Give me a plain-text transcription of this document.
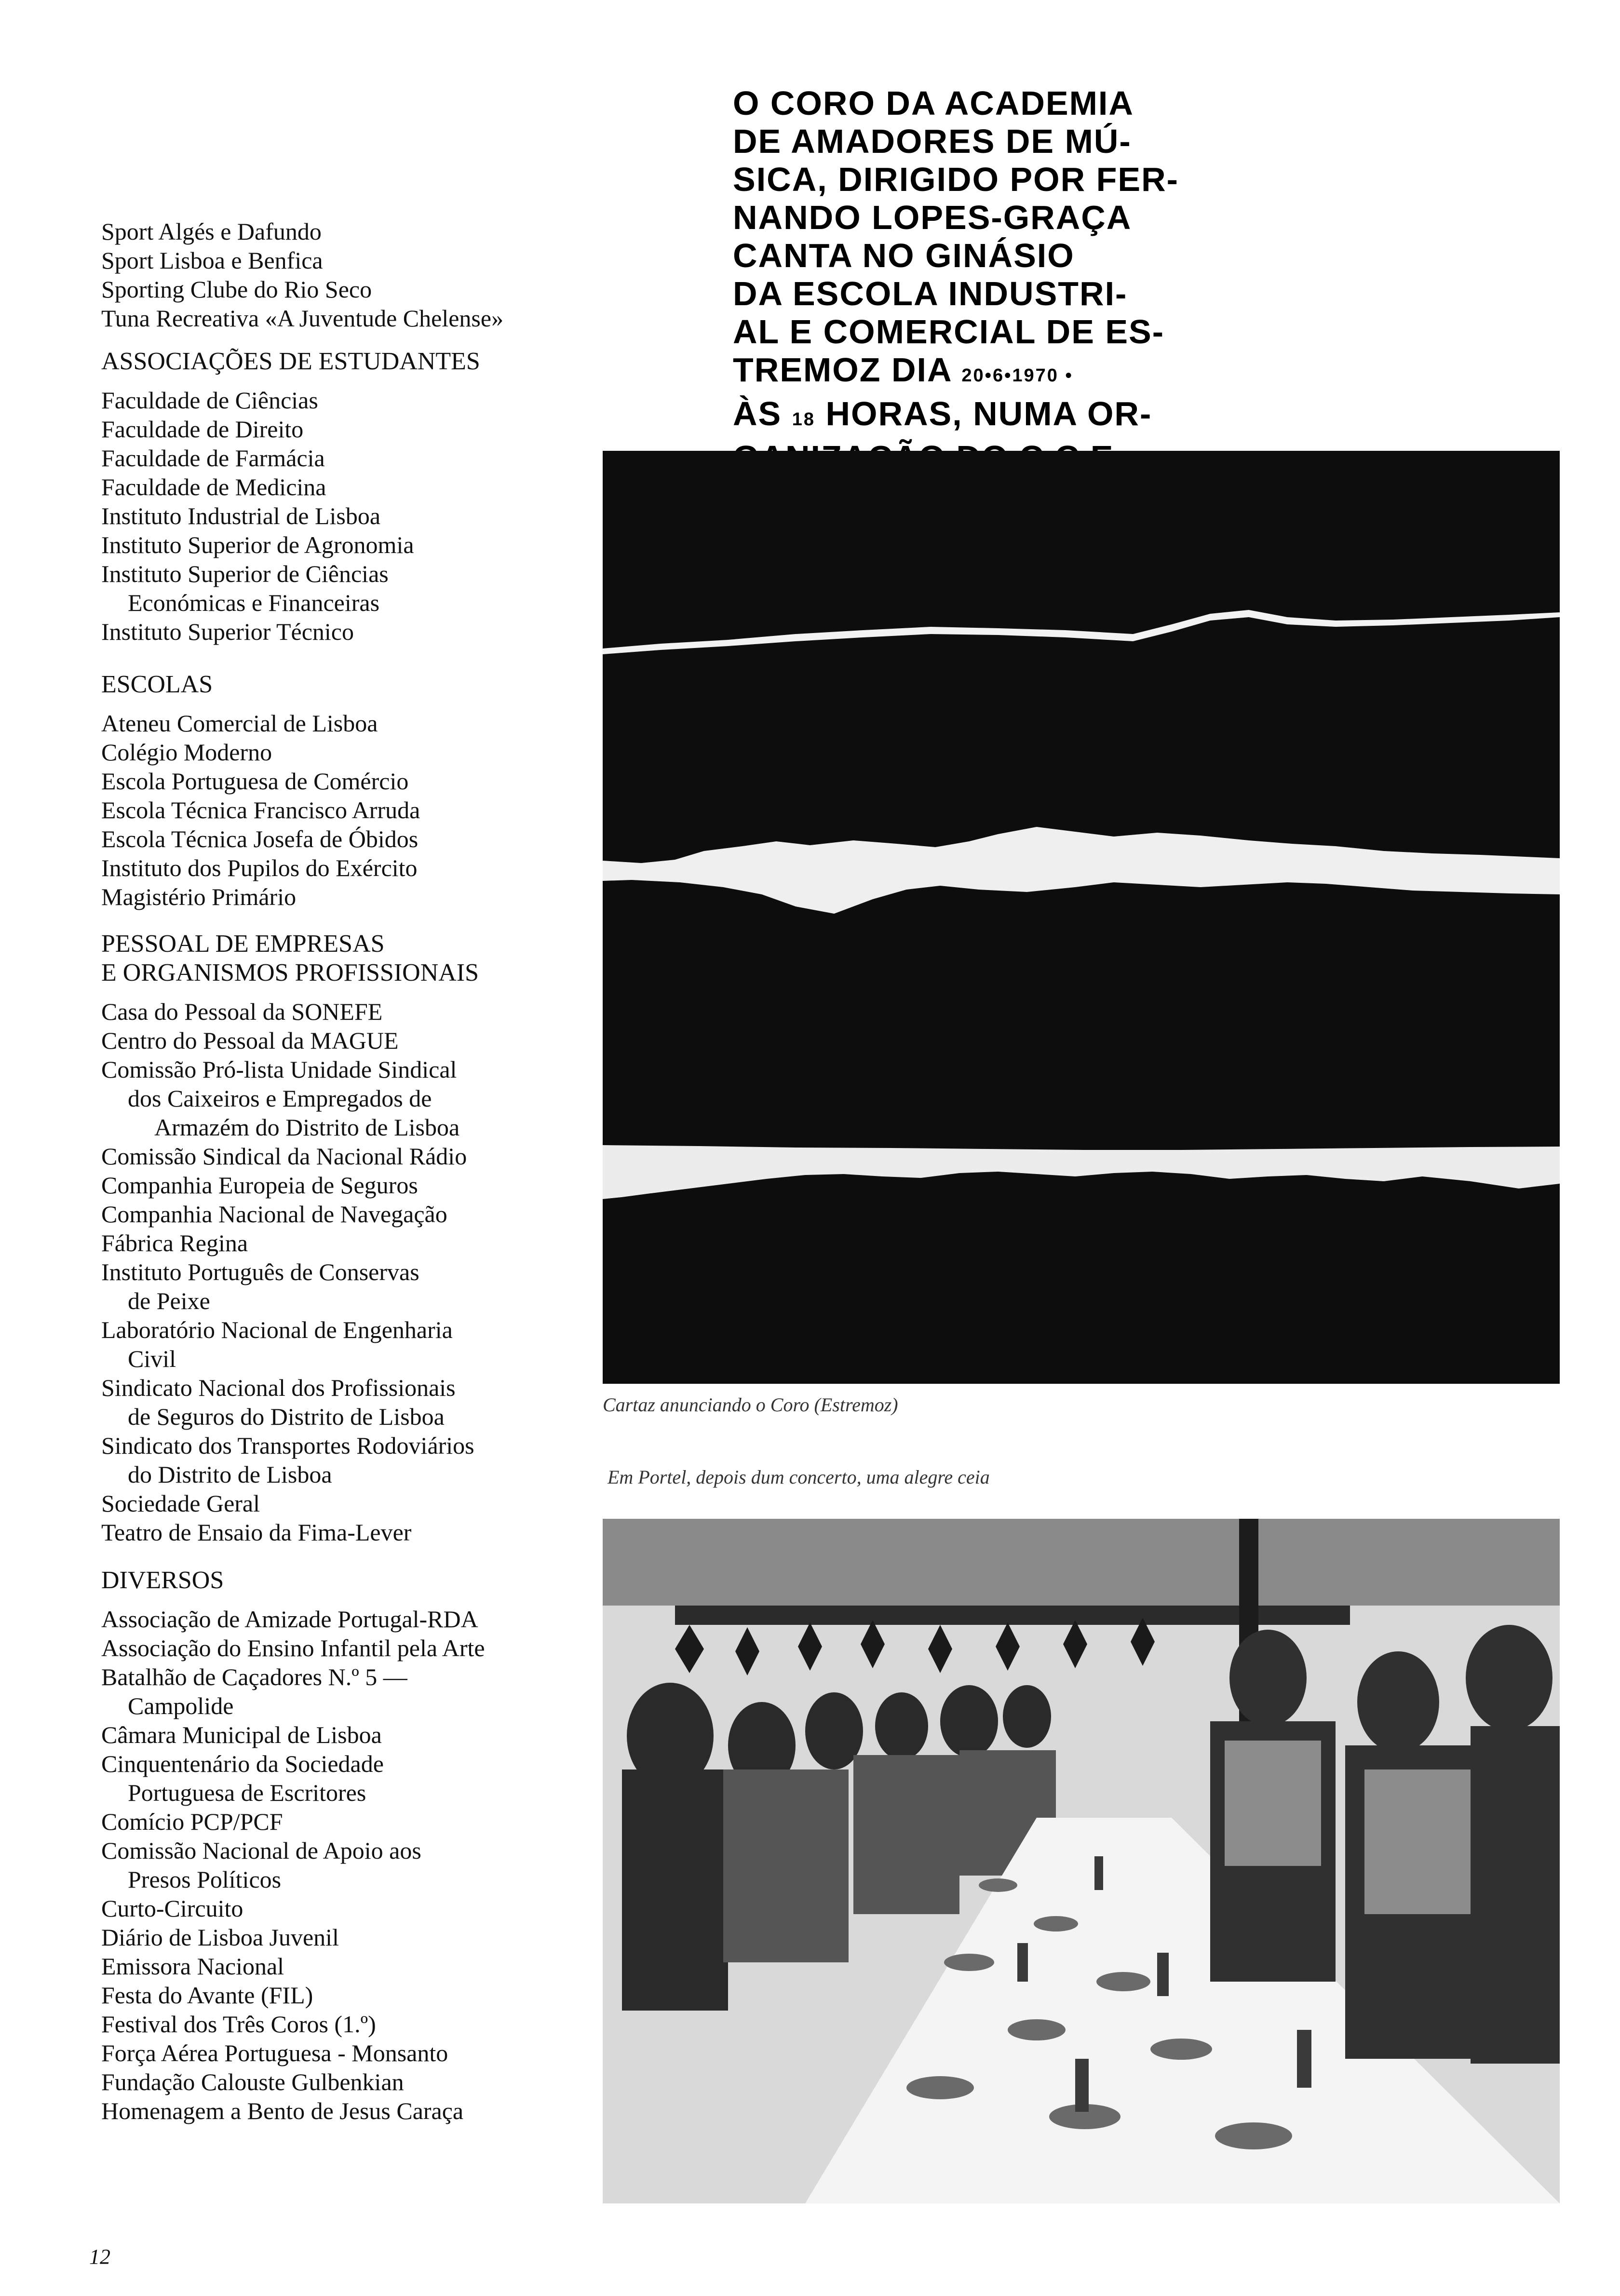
Sport Algés e Dafundo
Sport Lisboa e Benfica
Sporting Clube do Rio Seco
Tuna Recreativa «A Juventude Chelense»
ASSOCIAÇÕES DE ESTUDANTES
Faculdade de Ciências
Faculdade de Direito
Faculdade de Farmácia
Faculdade de Medicina
Instituto Industrial de Lisboa
Instituto Superior de Agronomia
Instituto Superior de Ciências
Económicas e Financeiras
Instituto Superior Técnico
ESCOLAS
Ateneu Comercial de Lisboa
Colégio Moderno
Escola Portuguesa de Comércio
Escola Técnica Francisco Arruda
Escola Técnica Josefa de Óbidos
Instituto dos Pupilos do Exército
Magistério Primário
PESSOAL DE EMPRESAS
E ORGANISMOS PROFISSIONAIS
Casa do Pessoal da SONEFE
Centro do Pessoal da MAGUE
Comissão Pró-lista Unidade Sindical
dos Caixeiros e Empregados de
Armazém do Distrito de Lisboa
Comissão Sindical da Nacional Rádio
Companhia Europeia de Seguros
Companhia Nacional de Navegação
Fábrica Regina
Instituto Português de Conservas
de Peixe
Laboratório Nacional de Engenharia
Civil
Sindicato Nacional dos Profissionais
de Seguros do Distrito de Lisboa
Sindicato dos Transportes Rodoviários
do Distrito de Lisboa
Sociedade Geral
Teatro de Ensaio da Fima-Lever
DIVERSOS
Associação de Amizade Portugal-RDA
Associação do Ensino Infantil pela Arte
Batalhão de Caçadores N.º 5 —
Campolide
Câmara Municipal de Lisboa
Cinquentenário da Sociedade
Portuguesa de Escritores
Comício PCP/PCF
Comissão Nacional de Apoio aos
Presos Políticos
Curto-Circuito
Diário de Lisboa Juvenil
Emissora Nacional
Festa do Avante (FIL)
Festival dos Três Coros (1.º)
Força Aérea Portuguesa - Monsanto
Fundação Calouste Gulbenkian
Homenagem a Bento de Jesus Caraça
O CORO DA ACADEMIA
DE AMADORES DE MÚ-
SICA, DIRIGIDO POR FER-
NANDO LOPES-GRAÇA
CANTA NO GINÁSIO
DA ESCOLA INDUSTRI-
AL E COMERCIAL DE ES-
TREMOZ DIA 20•6•1970 •
ÀS 18 HORAS, NUMA OR-
Cartaz anunciando o Coro (Estremoz)
Em Portel, depois dum concerto, uma alegre ceia
12
